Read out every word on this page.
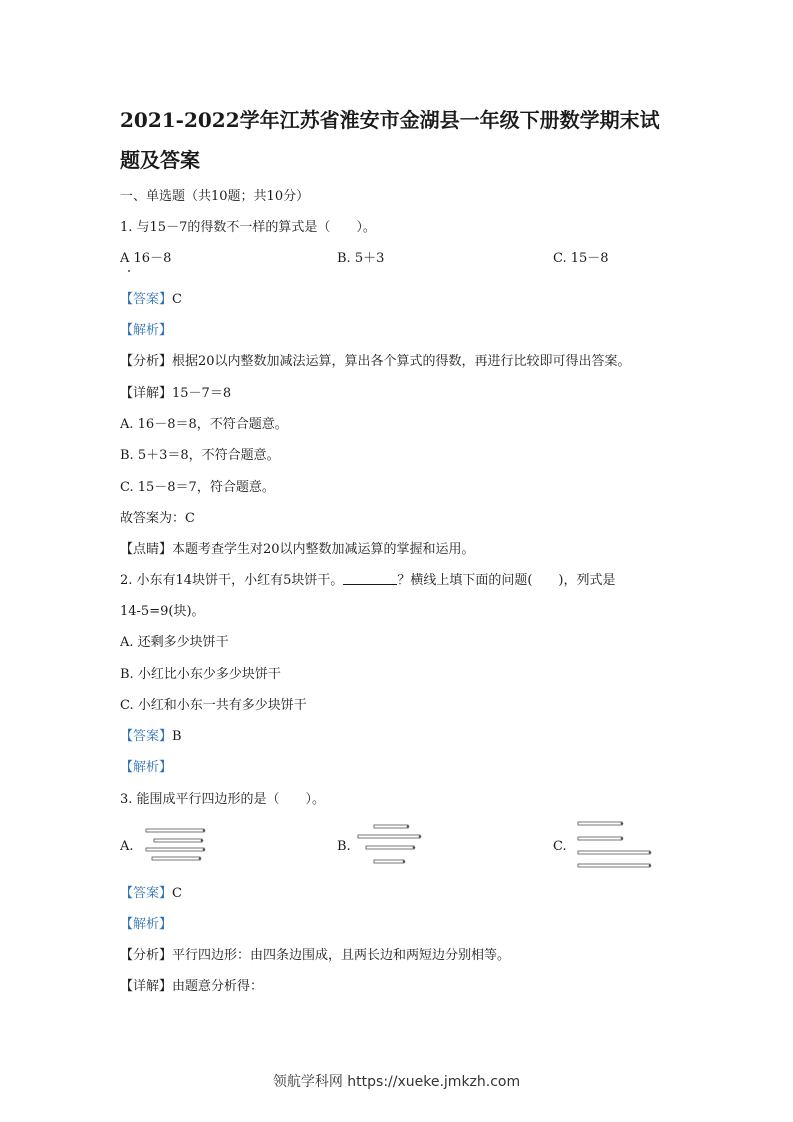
2021-2022学年江苏省淮安市金湖县一年级下册数学期末试
题及答案
一、单选题（共10题；共10分）
1. 与15－7的得数不一样的算式是（　　）。
A 16－8	B. 5＋3	C. 15－8
【答案】C
【解析】
【分析】根据20以内整数加减法运算，算出各个算式的得数，再进行比较即可得出答案。
【详解】15－7＝8
A. 16－8＝8，不符合题意。
B. 5＋3＝8，不符合题意。
C. 15－8＝7，符合题意。
故答案为：C
【点睛】本题考查学生对20以内整数加减运算的掌握和运用。
2. 小东有14块饼干，小红有5块饼干。	？横线上填下面的问题(　　)，列式是
14-5=9(块)。
A. 还剩多少块饼干
B. 小红比小东少多少块饼干
C. 小红和小东一共有多少块饼干
【答案】B
【解析】
3. 能围成平行四边形的是（　　）。
A.	B.	C.
【答案】C
【解析】
【分析】平行四边形：由四条边围成，且两长边和两短边分别相等。
【详解】由题意分析得：
领航学科网 https://xueke.jmkzh.com
